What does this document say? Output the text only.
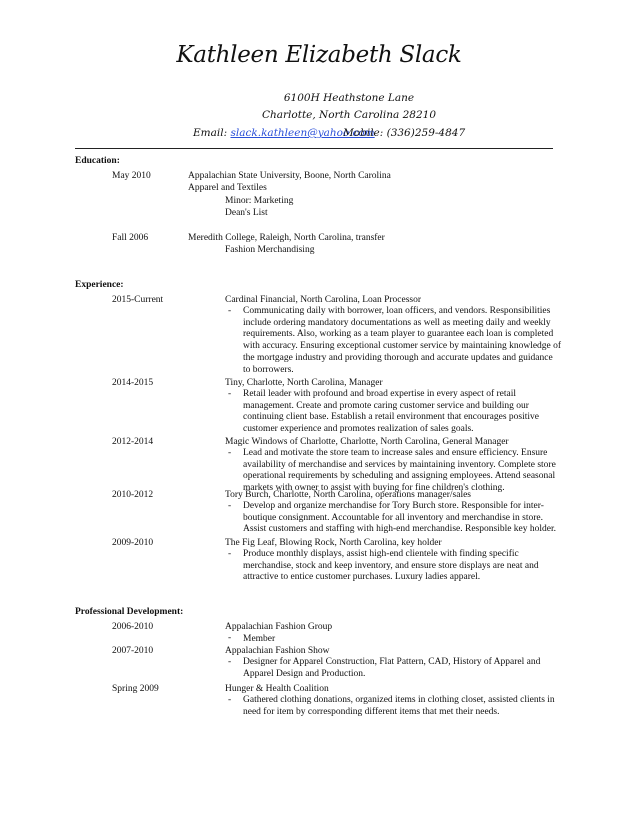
Kathleen Elizabeth Slack
6100H Heathstone Lane
Charlotte, North Carolina 28210
Email: slack.kathleen@yahoo.com
Mobile: (336)259-4847
Education:
May 2010	Appalachian State University, Boone, North Carolina
Apparel and Textiles
Minor: Marketing
Dean's List
Fall 2006	Meredith College, Raleigh, North Carolina, transfer
Fashion Merchandising
Experience:
2015-Current	Cardinal Financial, North Carolina, Loan Processor
- Communicating daily with borrower, loan officers, and vendors. Responsibilities
include ordering mandatory documentations as well as meeting daily and weekly
requirements. Also, working as a team player to guarantee each loan is completed
with accuracy. Ensuring exceptional customer service by maintaining knowledge of
the mortgage industry and providing thorough and accurate updates and guidance
to borrowers.
2014-2015	Tiny, Charlotte, North Carolina, Manager
- Retail leader with profound and broad expertise in every aspect of retail
management. Create and promote caring customer service and building our
continuing client base. Establish a retail environment that encourages positive
customer experience and promotes realization of sales goals.
2012-2014	Magic Windows of Charlotte, Charlotte, North Carolina, General Manager
- Lead and motivate the store team to increase sales and ensure efficiency. Ensure
availability of merchandise and services by maintaining inventory. Complete store
operational requirements by scheduling and assigning employees. Attend seasonal
markets with owner to assist with buying for fine children's clothing.
2010-2012	Tory Burch, Charlotte, North Carolina, operations manager/sales
- Develop and organize merchandise for Tory Burch store. Responsible for inter-
boutique consignment. Accountable for all inventory and merchandise in store.
Assist customers and staffing with high-end merchandise. Responsible key holder.
2009-2010	The Fig Leaf, Blowing Rock, North Carolina, key holder
- Produce monthly displays, assist high-end clientele with finding specific
merchandise, stock and keep inventory, and ensure store displays are neat and
attractive to entice customer purchases. Luxury ladies apparel.
Professional Development:
2006-2010	Appalachian Fashion Group
- Member
2007-2010	Appalachian Fashion Show
- Designer for Apparel Construction, Flat Pattern, CAD, History of Apparel and
Apparel Design and Production.
Spring 2009	Hunger & Health Coalition
- Gathered clothing donations, organized items in clothing closet, assisted clients in
need for item by corresponding different items that met their needs.
